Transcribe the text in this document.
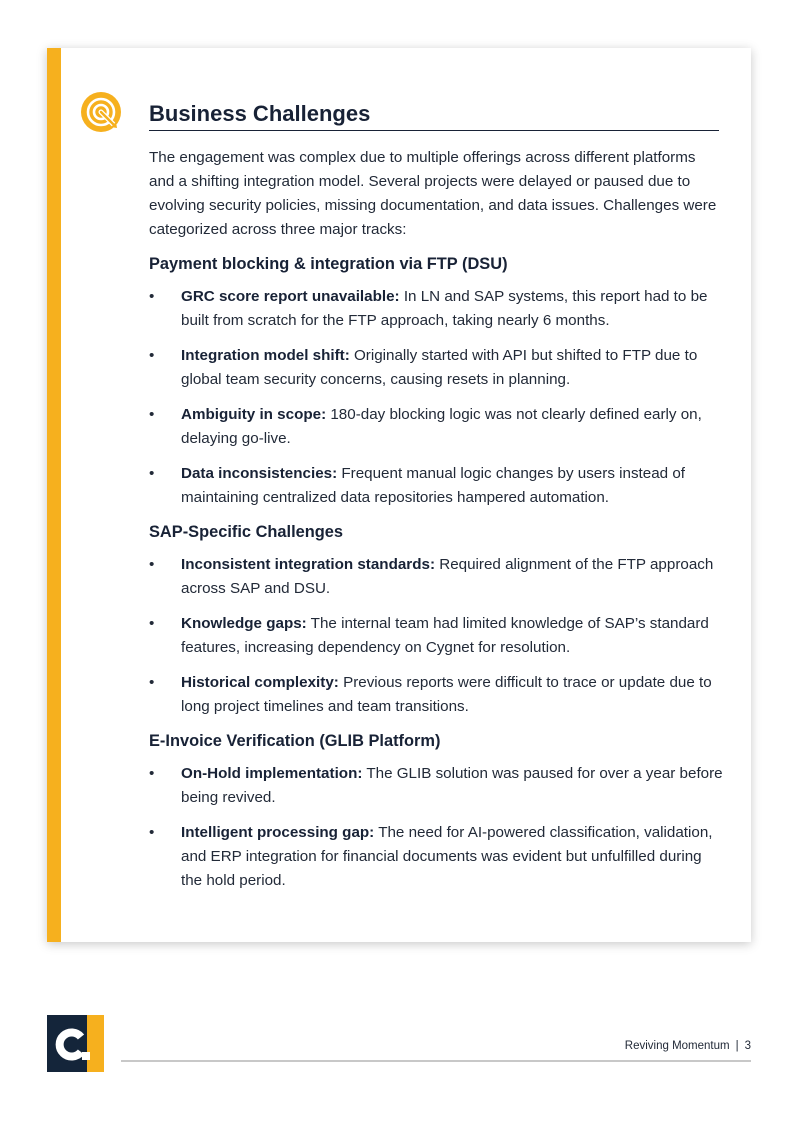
Business Challenges

The engagement was complex due to multiple offerings across different platforms and a shifting integration model. Several projects were delayed or paused due to evolving security policies, missing documentation, and data issues. Challenges were categorized across three major tracks:

Payment blocking & integration via FTP (DSU)
• GRC score report unavailable: In LN and SAP systems, this report had to be built from scratch for the FTP approach, taking nearly 6 months.
• Integration model shift: Originally started with API but shifted to FTP due to global team security concerns, causing resets in planning.
• Ambiguity in scope: 180-day blocking logic was not clearly defined early on, delaying go-live.
• Data inconsistencies: Frequent manual logic changes by users instead of maintaining centralized data repositories hampered automation.
SAP-Specific Challenges
• Inconsistent integration standards: Required alignment of the FTP approach across SAP and DSU.
• Knowledge gaps: The internal team had limited knowledge of SAP’s standard features, increasing dependency on Cygnet for resolution.
• Historical complexity: Previous reports were difficult to trace or update due to long project timelines and team transitions.
E-Invoice Verification (GLIB Platform)
• On-Hold implementation: The GLIB solution was paused for over a year before being revived.
• Intelligent processing gap: The need for AI-powered classification, validation, and ERP integration for financial documents was evident but unfulfilled during the hold period.
Reviving Momentum | 3
